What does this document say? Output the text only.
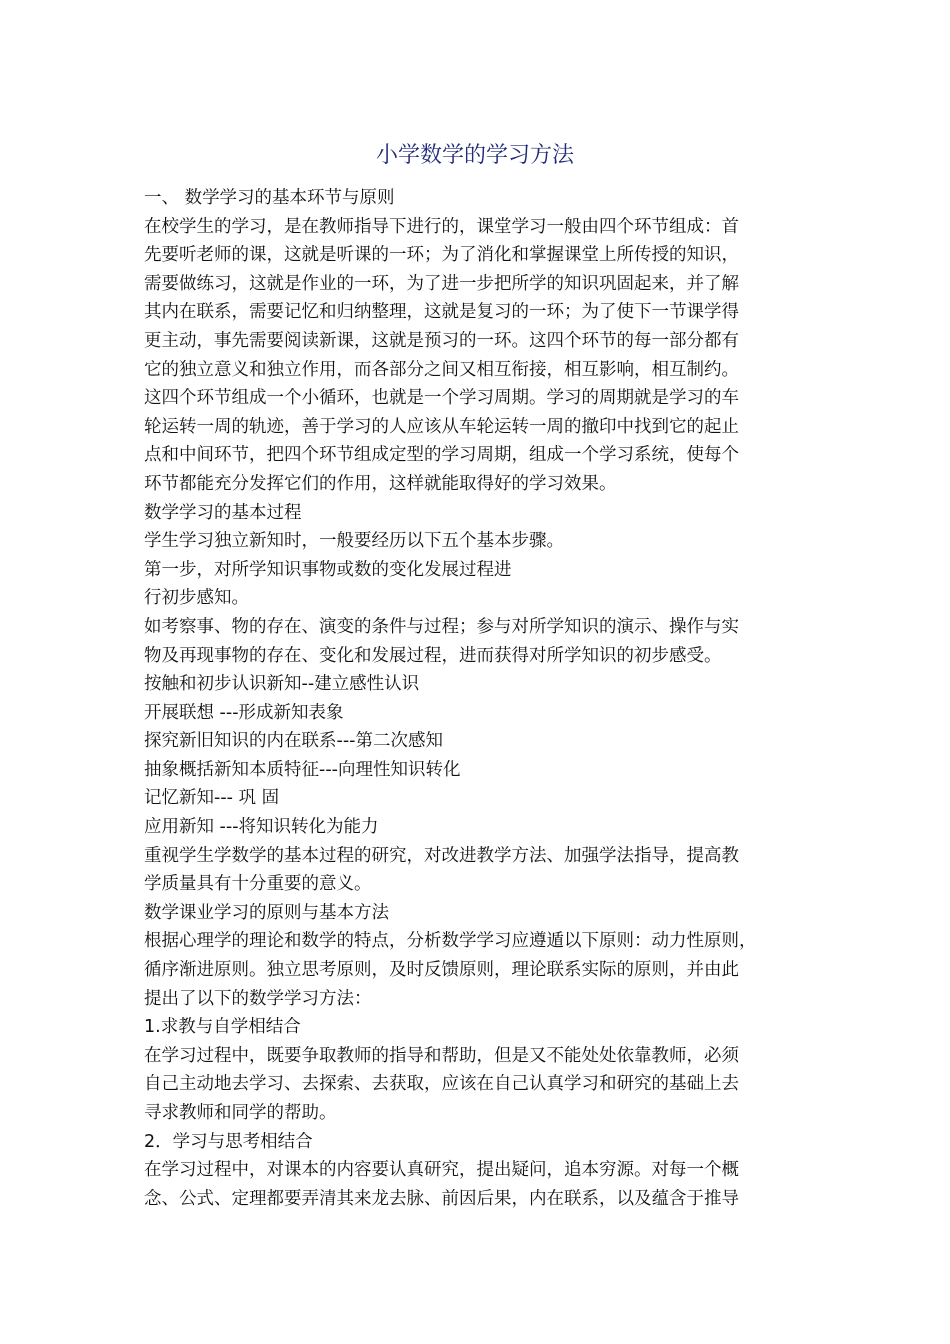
小学数学的学习方法
一、 数学学习的基本环节与原则
在校学生的学习，是在教师指导下进行的，课堂学习一般由四个环节组成：首
先要听老师的课，这就是听课的一环；为了消化和掌握课堂上所传授的知识，
需要做练习，这就是作业的一环，为了进一步把所学的知识巩固起来，并了解
其内在联系，需要记忆和归纳整理，这就是复习的一环；为了使下一节课学得
更主动，事先需要阅读新课，这就是预习的一环。这四个环节的每一部分都有
它的独立意义和独立作用，而各部分之间又相互衔接，相互影响，相互制约。
这四个环节组成一个小循环，也就是一个学习周期。学习的周期就是学习的车
轮运转一周的轨迹，善于学习的人应该从车轮运转一周的撤印中找到它的起止
点和中间环节，把四个环节组成定型的学习周期，组成一个学习系统，使每个
环节都能充分发挥它们的作用，这样就能取得好的学习效果。
数学学习的基本过程
学生学习独立新知时，一般要经历以下五个基本步骤。
第一步，对所学知识事物或数的变化发展过程进
行初步感知。
如考察事、物的存在、演变的条件与过程；参与对所学知识的演示、操作与实
物及再现事物的存在、变化和发展过程，进而获得对所学知识的初步感受。
按触和初步认识新知--建立感性认识
开展联想 ---形成新知表象
探究新旧知识的内在联系---第二次感知
抽象概括新知本质特征---向理性知识转化
记忆新知--- 巩 固
应用新知 ---将知识转化为能力
重视学生学数学的基本过程的研究，对改进教学方法、加强学法指导，提高教
学质量具有十分重要的意义。
数学课业学习的原则与基本方法
根据心理学的理论和数学的特点，分析数学学习应遵遁以下原则：动力性原则，
循序渐进原则。独立思考原则，及时反馈原则，理论联系实际的原则，并由此
提出了以下的数学学习方法：
1.求教与自学相结合
在学习过程中，既要争取教师的指导和帮助，但是又不能处处依靠教师，必须
自己主动地去学习、去探索、去获取，应该在自己认真学习和研究的基础上去
寻求教师和同学的帮助。
2．学习与思考相结合
在学习过程中，对课本的内容要认真研究，提出疑问，追本穷源。对每一个概
念、公式、定理都要弄清其来龙去脉、前因后果，内在联系，以及蕴含于推导
